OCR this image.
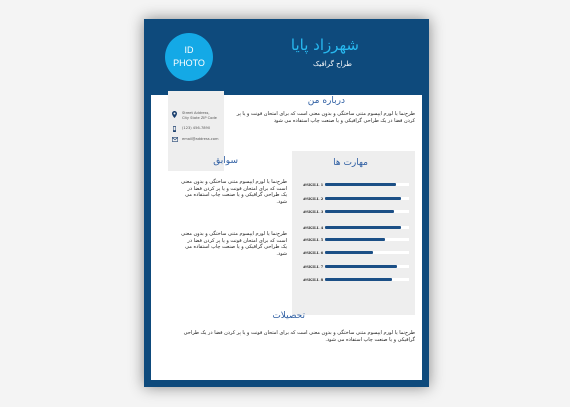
ID
PHOTO
شهرزاد پایا
طراح گرافیک
Street Address,
City State ZIP Code
(123) 456-7890
email@address.com
درباره من
طرح‌نما یا لورم ایپسوم متنی ساختگی و بدون معنی است که برای امتحان فونت و یا پر کردن فضا در یک طراحی گرافیکی و یا صنعت چاپ استفاده می شود
سوابق
طرح‌نما یا لورم ایپسوم متنی ساختگی و بدون معنی است که برای امتحان فونت و یا پر کردن فضا در یک طراحی گرافیکی و یا صنعت چاپ استفاده می شود.
طرح‌نما یا لورم ایپسوم متنی ساختگی و بدون معنی است که برای امتحان فونت و یا پر کردن فضا در یک طراحی گرافیکی و یا صنعت چاپ استفاده می شود.
مهارت ها
#SKILL 1
#SKILL 2
#SKILL 3
#SKILL 4
#SKILL 5
#SKILL 6
#SKILL 7
#SKILL 8
تحصیلات
طرح‌نما یا لورم ایپسوم متنی ساختگی و بدون معنی است که برای امتحان فونت و یا پر کردن فضا در یک طراحی گرافیکی و یا صنعت چاپ استفاده می شود.
